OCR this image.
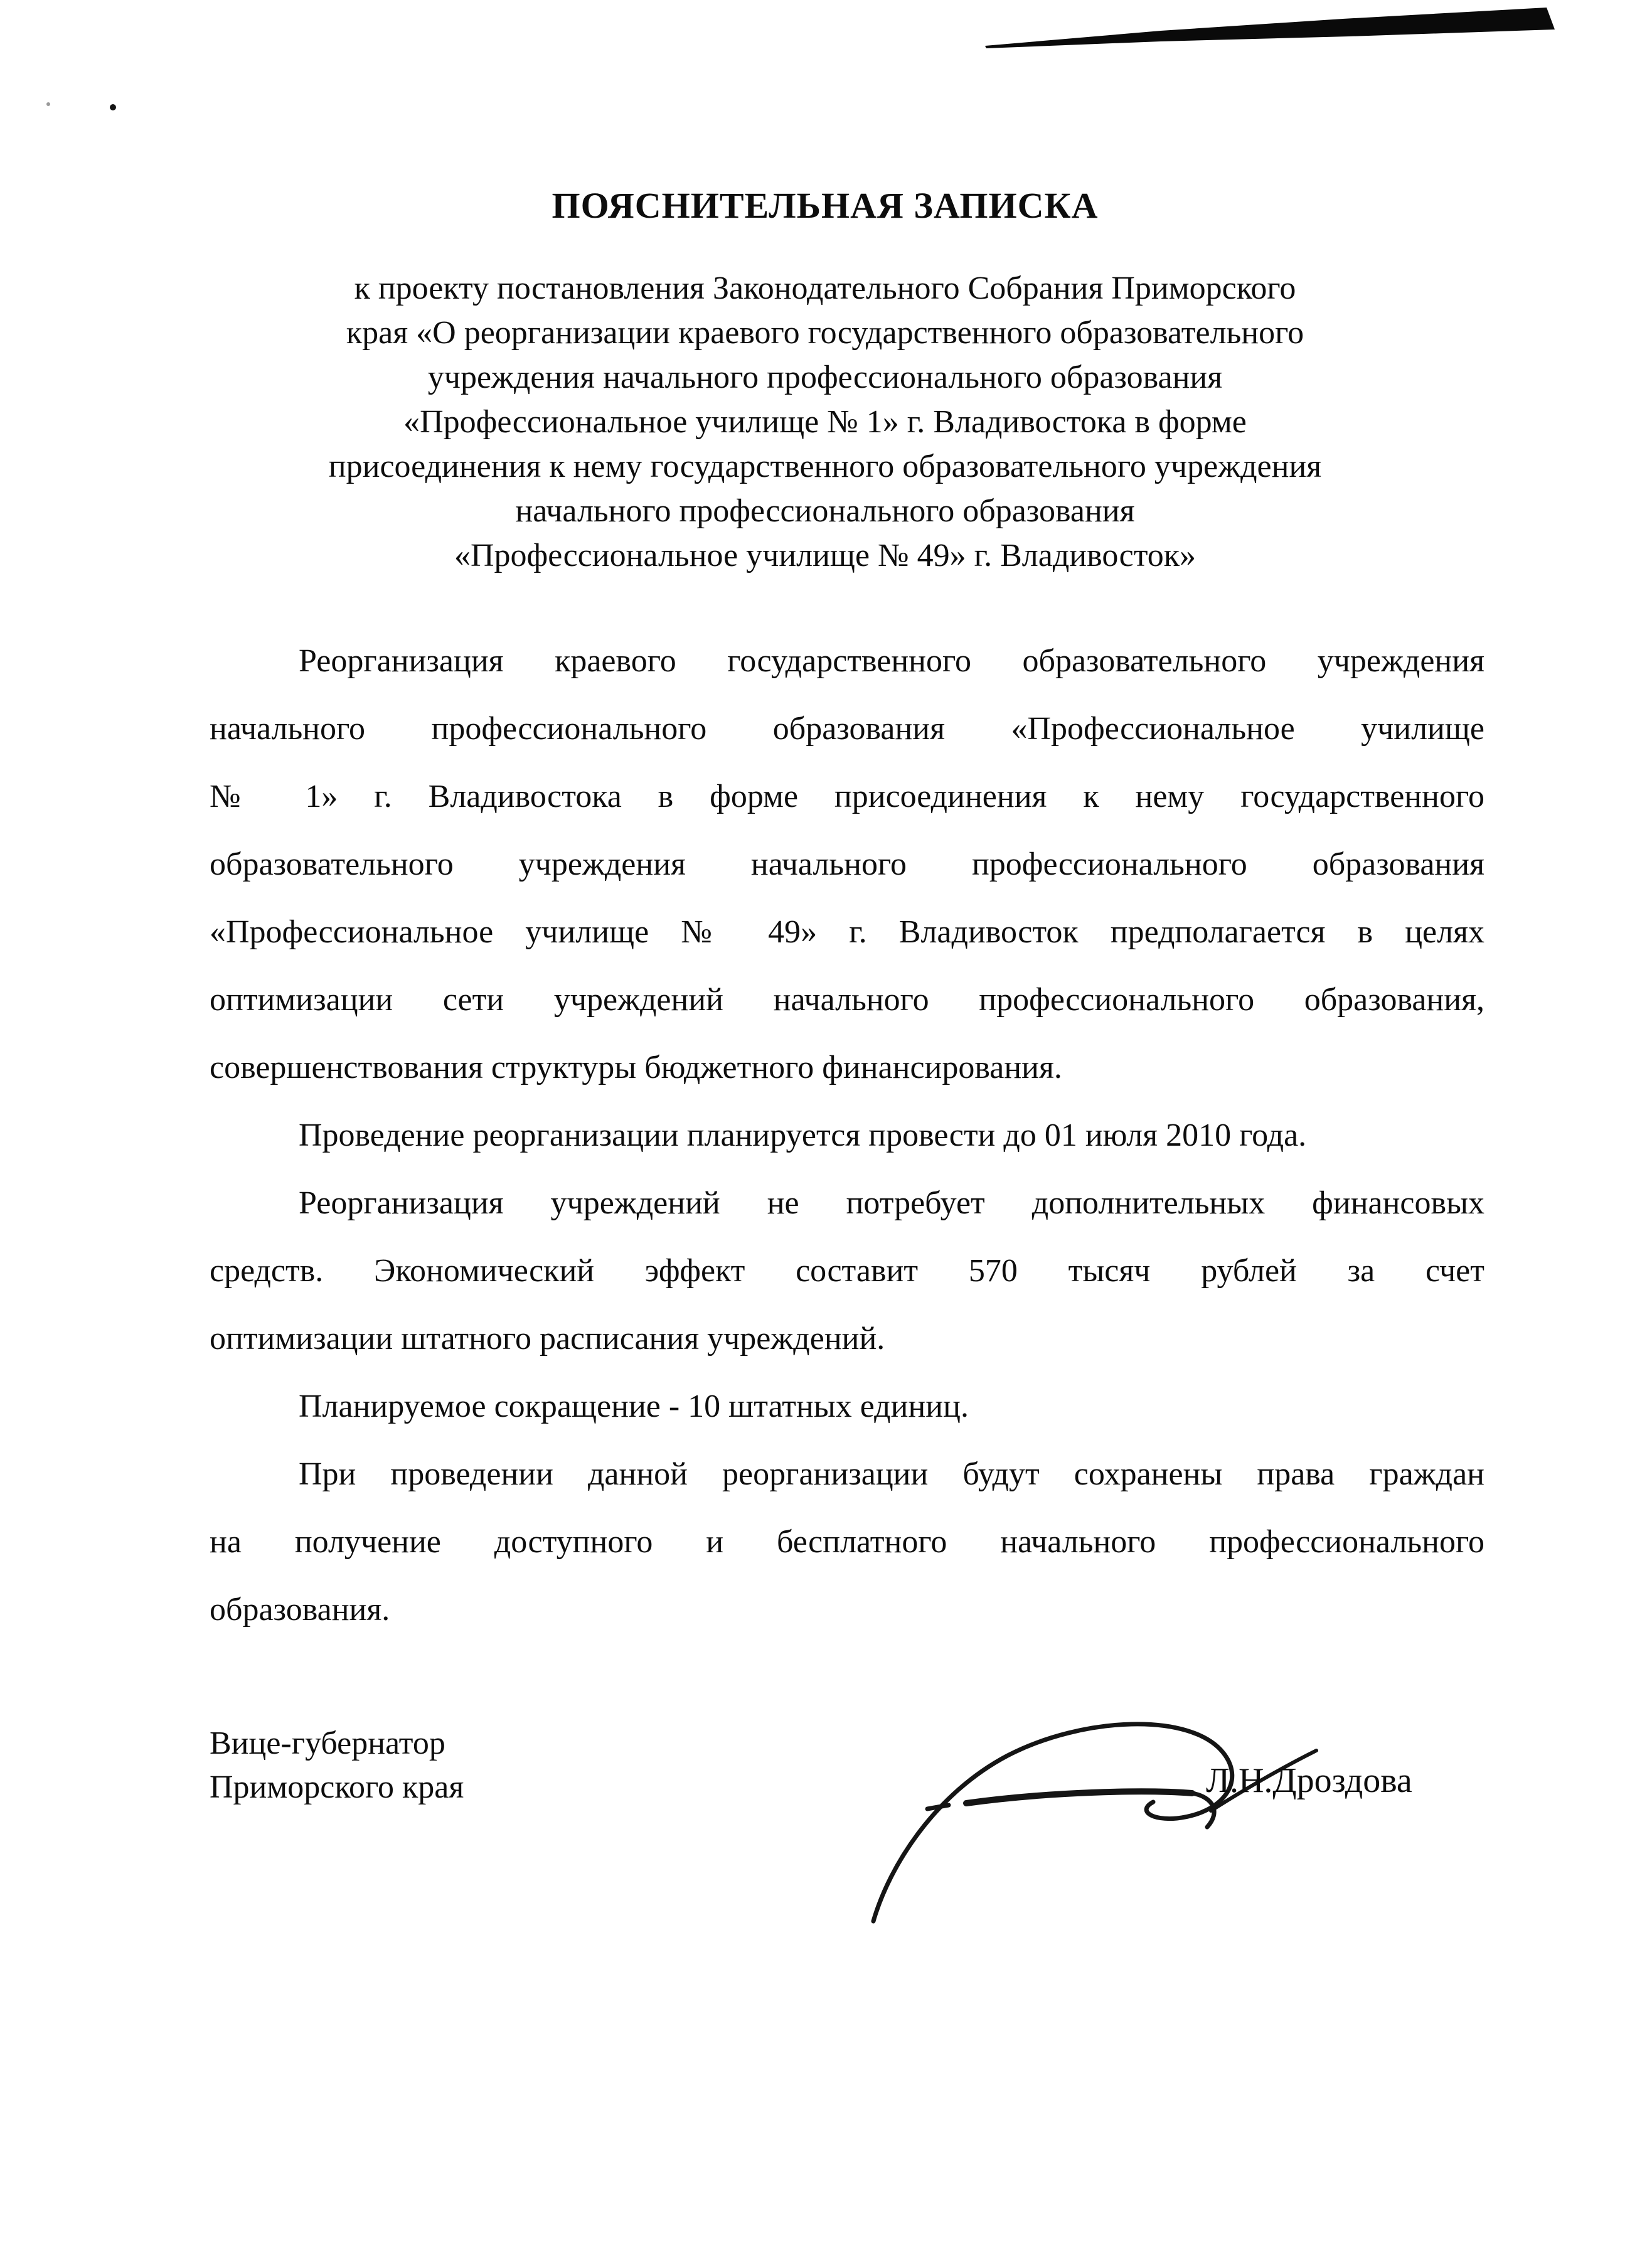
ПОЯСНИТЕЛЬНАЯ ЗАПИСКА
к проекту постановления Законодательного Собрания Приморского
края «О реорганизации краевого государственного образовательного
учреждения начального профессионального образования
«Профессиональное училище № 1» г. Владивостока в форме
присоединения к нему государственного образовательного учреждения
начального профессионального образования
«Профессиональное училище № 49» г. Владивосток»
Реорганизация краевого государственного образовательного учреждения
начального профессионального образования «Профессиональное училище
№ 1» г. Владивостока в форме присоединения к нему государственного
образовательного учреждения начального профессионального образования
«Профессиональное училище № 49» г. Владивосток предполагается в целях
оптимизации сети учреждений начального профессионального образования,
совершенствования структуры бюджетного финансирования.
Проведение реорганизации планируется провести до 01 июля 2010 года.
Реорганизация учреждений не потребует дополнительных финансовых
средств. Экономический эффект составит 570 тысяч рублей за счет
оптимизации штатного расписания учреждений.
Планируемое сокращение - 10 штатных единиц.
При проведении данной реорганизации будут сохранены права граждан
на получение доступного и бесплатного начального профессионального
образования.
Вице-губернатор
Приморского края	Л.Н.Дроздова
